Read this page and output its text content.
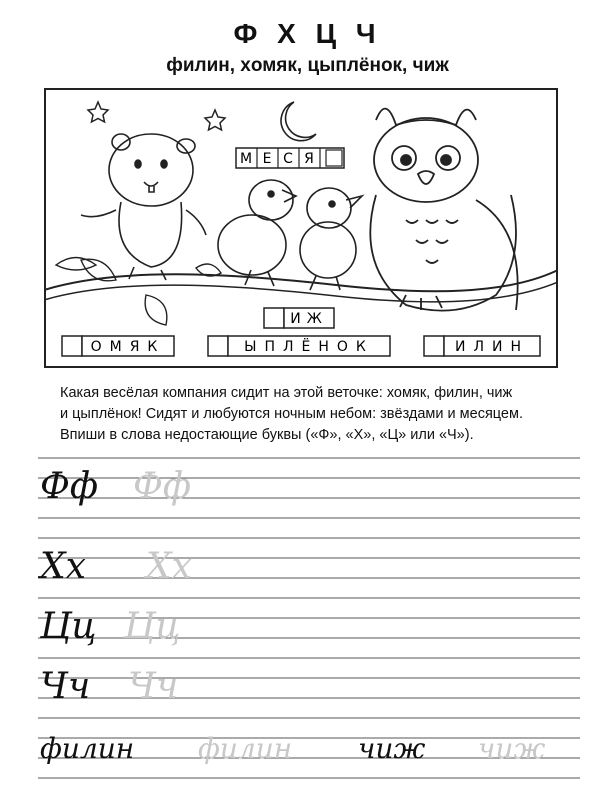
Ф Х Ц Ч
филин, хомяк, цыплёнок, чиж
М Е С Я
ИЖ
ОМЯК	ЫПЛЁНОК	ИЛИН
Какая весёлая компания сидит на этой веточке: хомяк, филин, чиж
и цыплёнок! Сидят и любуются ночным небом: звёздами и месяцем.
Впиши в слова недостающие буквы («Ф», «Х», «Ц» или «Ч»).
Фф Фф
Хх Хх
Цц Цц
Чч Чч
филин филин чиж чиж
